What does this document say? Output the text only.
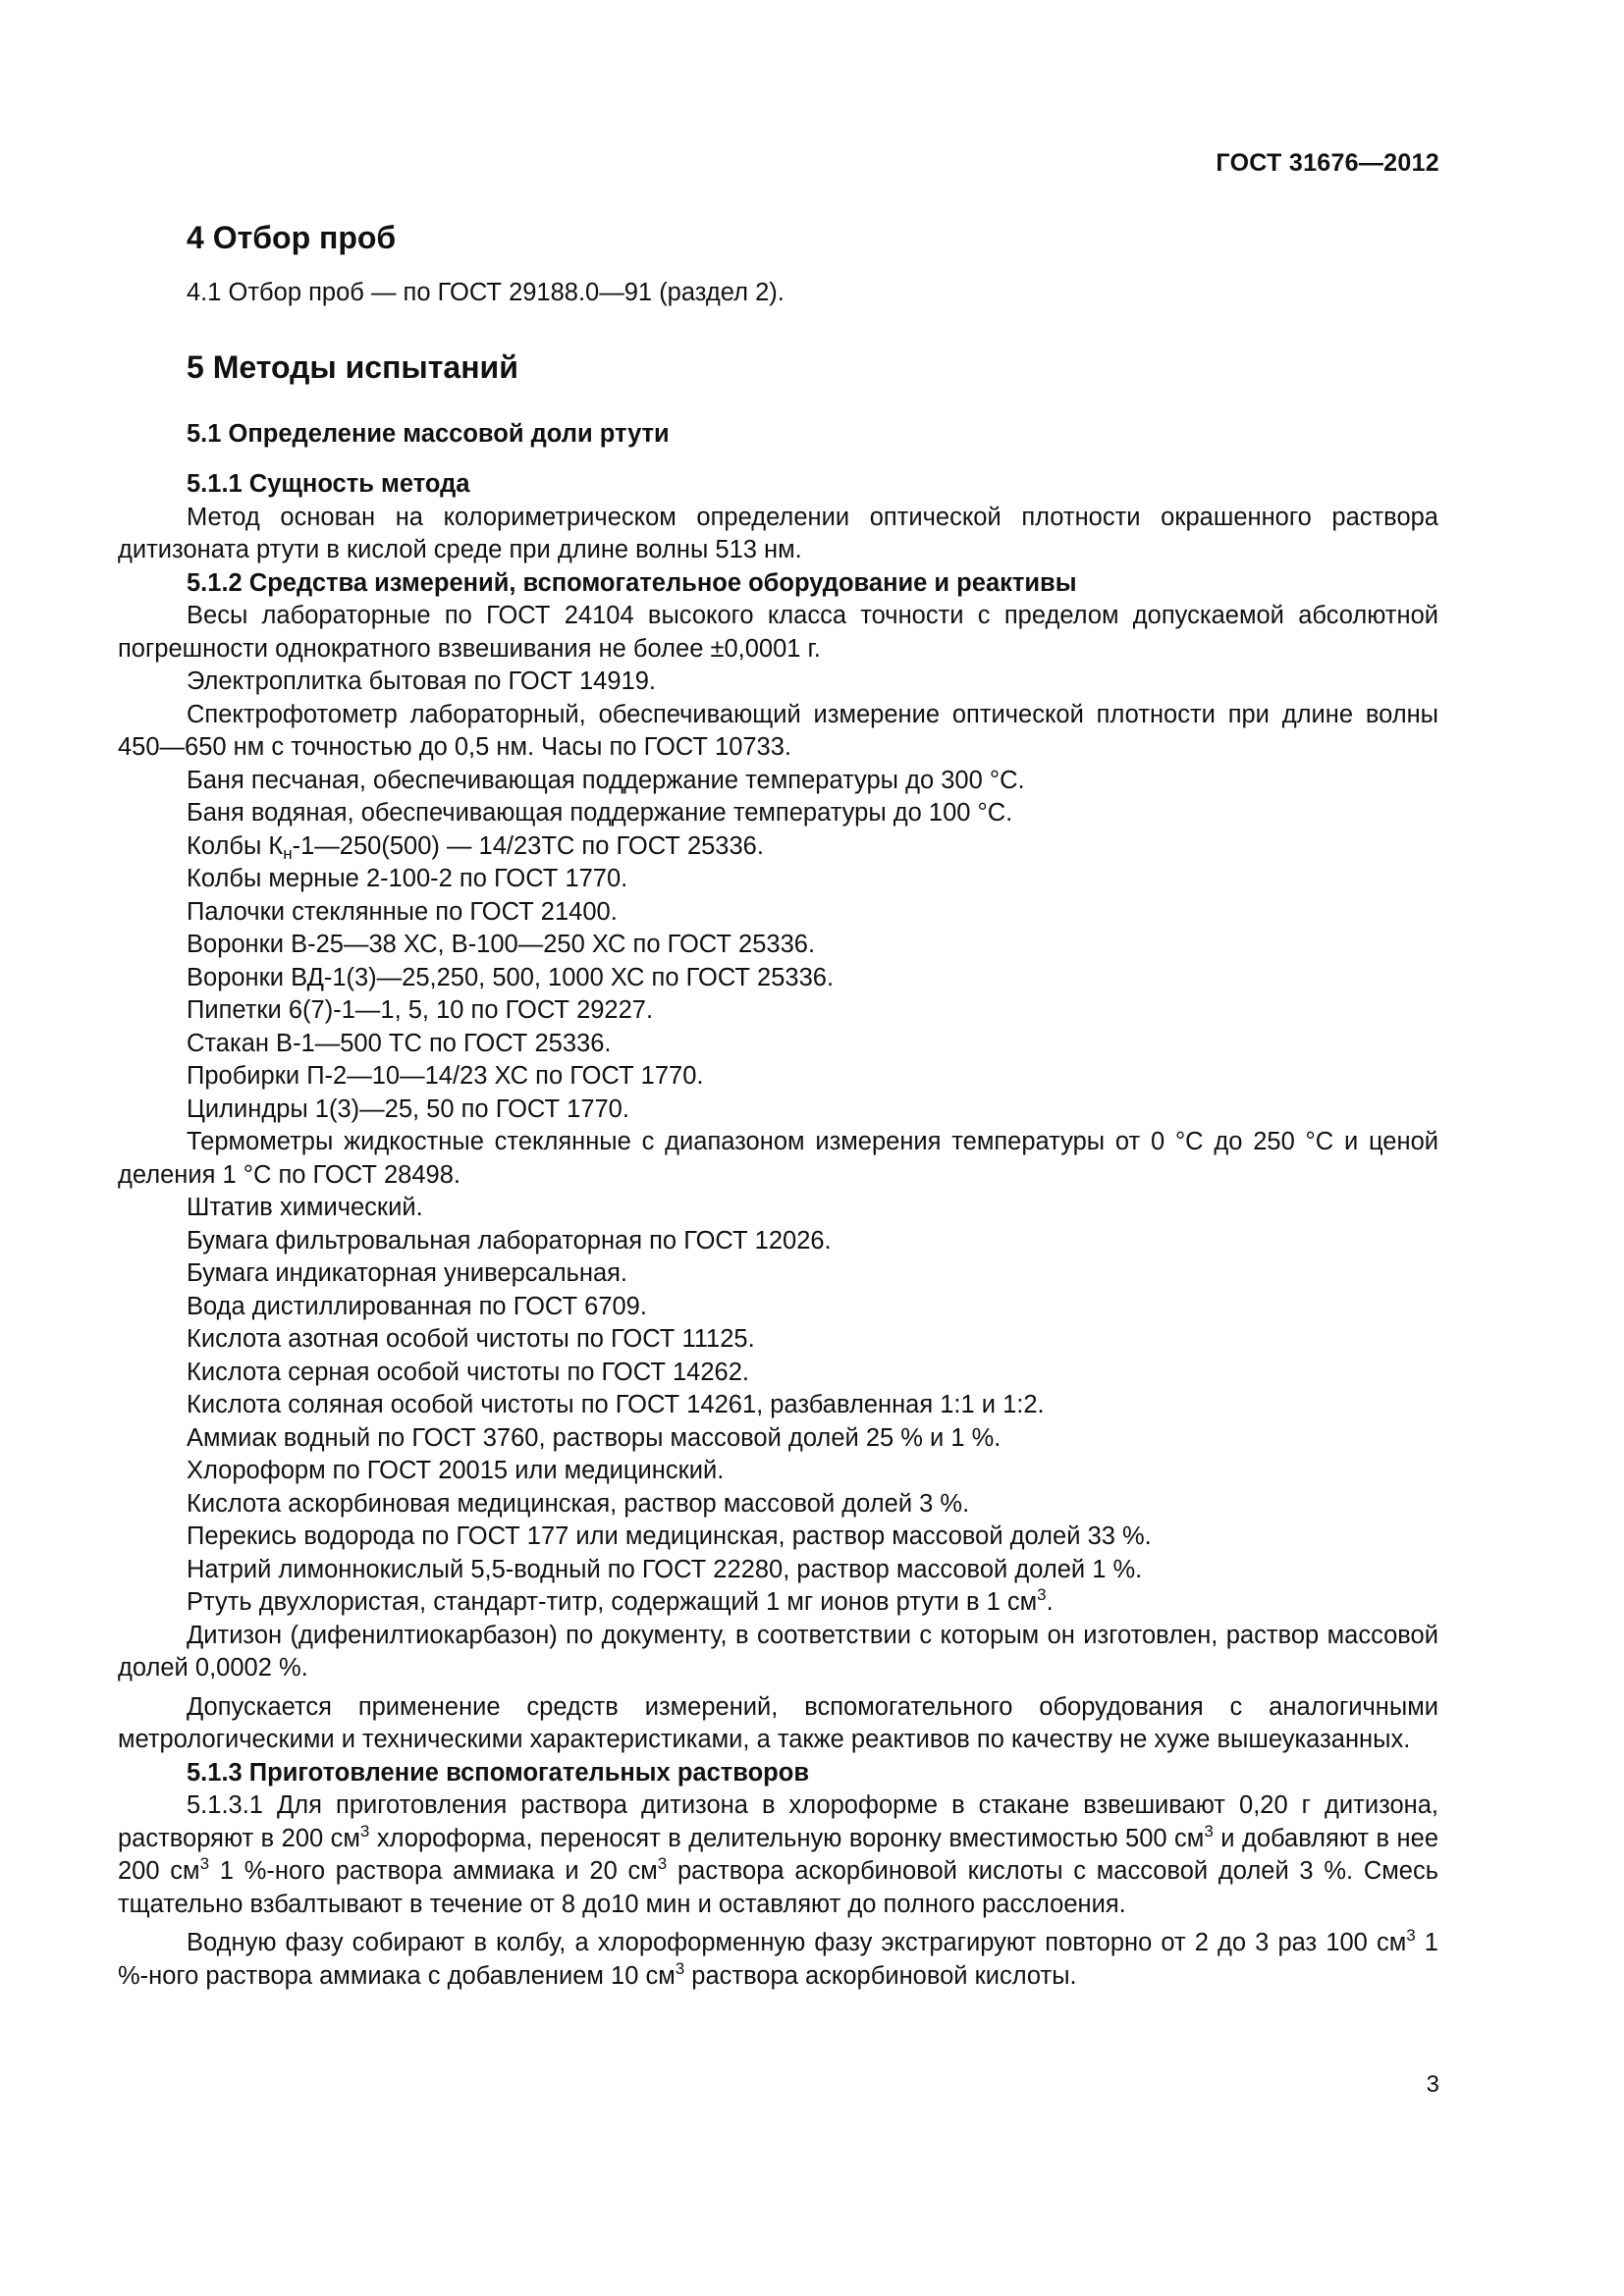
ГОСТ 31676—2012
4 Отбор проб

4.1 Отбор проб — по ГОСТ 29188.0—91 (раздел 2).

5 Методы испытаний
5.1 Определение массовой доли ртути
5.1.1 Сущность метода

Метод основан на колориметрическом определении оптической плотности окрашенного раствора дитизоната ртути в кислой среде при длине волны 513 нм.

5.1.2 Средства измерений, вспомогательное оборудование и реактивы

Весы лабораторные по ГОСТ 24104 высокого класса точности с пределом допускаемой абсолютной погрешности однократного взвешивания не более ±0,0001 г.

Электроплитка бытовая по ГОСТ 14919.

Спектрофотометр лабораторный, обеспечивающий измерение оптической плотности при длине волны 450—650 нм с точностью до 0,5 нм. Часы по ГОСТ 10733.

Баня песчаная, обеспечивающая поддержание температуры до 300 °С.

Баня водяная, обеспечивающая поддержание температуры до 100 °С.

Колбы $К_н-1—250(500)$ — 14/23ТС по ГОСТ 25336.

Колбы мерные 2-100-2 по ГОСТ 1770.

Палочки стеклянные по ГОСТ 21400.

Воронки В-25—38 ХС, В-100—250 ХС по ГОСТ 25336.

Воронки ВД-1(3)—25,250, 500, 1000 ХС по ГОСТ 25336.

Пипетки 6(7)-1—1, 5, 10 по ГОСТ 29227.

Стакан В-1—500 ТС по ГОСТ 25336.

Пробирки П-2—10—14/23 ХС по ГОСТ 1770.

Цилиндры 1(3)—25, 50 по ГОСТ 1770.

Термометры жидкостные стеклянные с диапазоном измерения температуры от 0 °С до 250 °С и ценой деления 1 °С по ГОСТ 28498.

Штатив химический.

Бумага фильтровальная лабораторная по ГОСТ 12026.

Бумага индикаторная универсальная.

Вода дистиллированная по ГОСТ 6709.

Кислота азотная особой чистоты по ГОСТ 11125.

Кислота серная особой чистоты по ГОСТ 14262.

Кислота соляная особой чистоты по ГОСТ 14261, разбавленная 1:1 и 1:2.

Аммиак водный по ГОСТ 3760, растворы массовой долей 25 % и 1 %.

Хлороформ по ГОСТ 20015 или медицинский.

Кислота аскорбиновая медицинская, раствор массовой долей 3 %.

Перекись водорода по ГОСТ 177 или медицинская, раствор массовой долей 33 %.

Натрий лимоннокислый 5,5-водный по ГОСТ 22280, раствор массовой долей 1 %.

Ртуть двухлористая, стандарт-титр, содержащий 1 мг ионов ртути в 1 $см^3$.

Дитизон (дифенилтиокарбазон) по документу, в соответствии с которым он изготовлен, раствор массовой долей 0,0002 %.

Допускается применение средств измерений, вспомогательного оборудования с аналогичными метрологическими и техническими характеристиками, а также реактивов по качеству не хуже вышеуказанных.

5.1.3 Приготовление вспомогательных растворов

5.1.3.1 Для приготовления раствора дитизона в хлороформе в стакане взвешивают 0,20 г дитизона, растворяют в 200 $см^3$ хлороформа, переносят в делительную воронку вместимостью 500 $см^3$ и добавляют в нее 200 $см^3$ 1 %-ного раствора аммиака и 20 $см^3$ раствора аскорбиновой кислоты с массовой долей 3 %. Смесь тщательно взбалтывают в течение от 8 до10 мин и оставляют до полного расслоения.

Водную фазу собирают в колбу, а хлороформенную фазу экстрагируют повторно от 2 до 3 раз 100 $см^3$ 1 %-ного раствора аммиака с добавлением 10 $см^3$ раствора аскорбиновой кислоты.

3
